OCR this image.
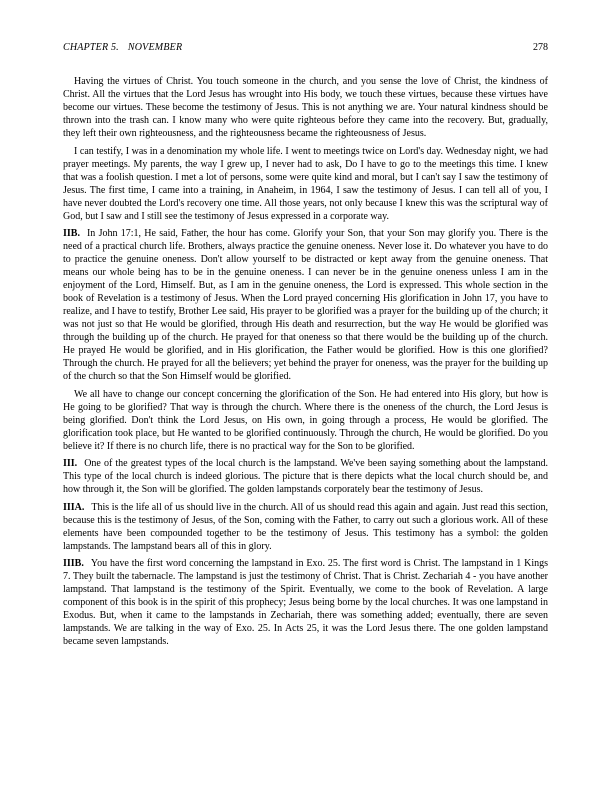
CHAPTER 5. NOVEMBER	278

Having the virtues of Christ. You touch someone in the church, and you sense the love of Christ, the kindness of Christ. All the virtues that the Lord Jesus has wrought into His body, we touch these virtues, because these virtues have become our virtues. These become the testimony of Jesus. This is not anything we are. Your natural kindness should be thrown into the trash can. I know many who were quite righteous before they came into the recovery. But, gradually, they left their own righteousness, and the righteousness became the righteousness of Jesus.

I can testify, I was in a denomination my whole life. I went to meetings twice on Lord's day. Wednesday night, we had prayer meetings. My parents, the way I grew up, I never had to ask, Do I have to go to the meetings this time. I knew that was a foolish question. I met a lot of persons, some were quite kind and moral, but I can't say I saw the testimony of Jesus. The first time, I came into a training, in Anaheim, in 1964, I saw the testimony of Jesus. I can tell all of you, I have never doubted the Lord's recovery one time. All those years, not only because I knew this was the scriptural way of God, but I saw and I still see the testimony of Jesus expressed in a corporate way.

IIB. In John 17:1, He said, Father, the hour has come. Glorify your Son, that your Son may glorify you. There is the need of a practical church life. Brothers, always practice the genuine oneness. Never lose it. Do whatever you have to do to practice the genuine oneness. Don't allow yourself to be distracted or kept away from the genuine oneness. That means our whole being has to be in the genuine oneness. I can never be in the genuine oneness unless I am in the enjoyment of the Lord, Himself. But, as I am in the genuine oneness, the Lord is expressed. This whole section in the book of Revelation is a testimony of Jesus. When the Lord prayed concerning His glorification in John 17, you have to realize, and I have to testify, Brother Lee said, His prayer to be glorified was a prayer for the building up of the church; it was not just so that He would be glorified, through His death and resurrection, but the way He would be glorified was through the building up of the church. He prayed for that oneness so that there would be the building up of the church. He prayed He would be glorified, and in His glorification, the Father would be glorified. How is this one glorified? Through the church. He prayed for all the believers; yet behind the prayer for oneness, was the prayer for the building up of the church so that the Son Himself would be glorified.

We all have to change our concept concerning the glorification of the Son. He had entered into His glory, but how is He going to be glorified? That way is through the church. Where there is the oneness of the church, the Lord Jesus is being glorified. Don't think the Lord Jesus, on His own, in going through a process, He would be glorified. The glorification took place, but He wanted to be glorified continuously. Through the church, He would be glorified. Do you believe it? If there is no church life, there is no practical way for the Son to be glorified.

III. One of the greatest types of the local church is the lampstand. We've been saying something about the lampstand. This type of the local church is indeed glorious. The picture that is there depicts what the local church should be, and how through it, the Son will be glorified. The golden lampstands corporately bear the testimony of Jesus.

IIIA. This is the life all of us should live in the church. All of us should read this again and again. Just read this section, because this is the testimony of Jesus, of the Son, coming with the Father, to carry out such a glorious work. All of these elements have been compounded together to be the testimony of Jesus. This testimony has a symbol: the golden lampstands. The lampstand bears all of this in glory.

IIIB. You have the first word concerning the lampstand in Exo. 25. The first word is Christ. The lampstand in 1 Kings 7. They built the tabernacle. The lampstand is just the testimony of Christ. That is Christ. Zechariah 4 - you have another lampstand. That lampstand is the testimony of the Spirit. Eventually, we come to the book of Revelation. A large component of this book is in the spirit of this prophecy; Jesus being borne by the local churches. It was one lampstand in Exodus. But, when it came to the lampstands in Zechariah, there was something added; eventually, there are seven lampstands. We are talking in the way of Exo. 25. In Acts 25, it was the Lord Jesus there. The one golden lampstand became seven lampstands.
